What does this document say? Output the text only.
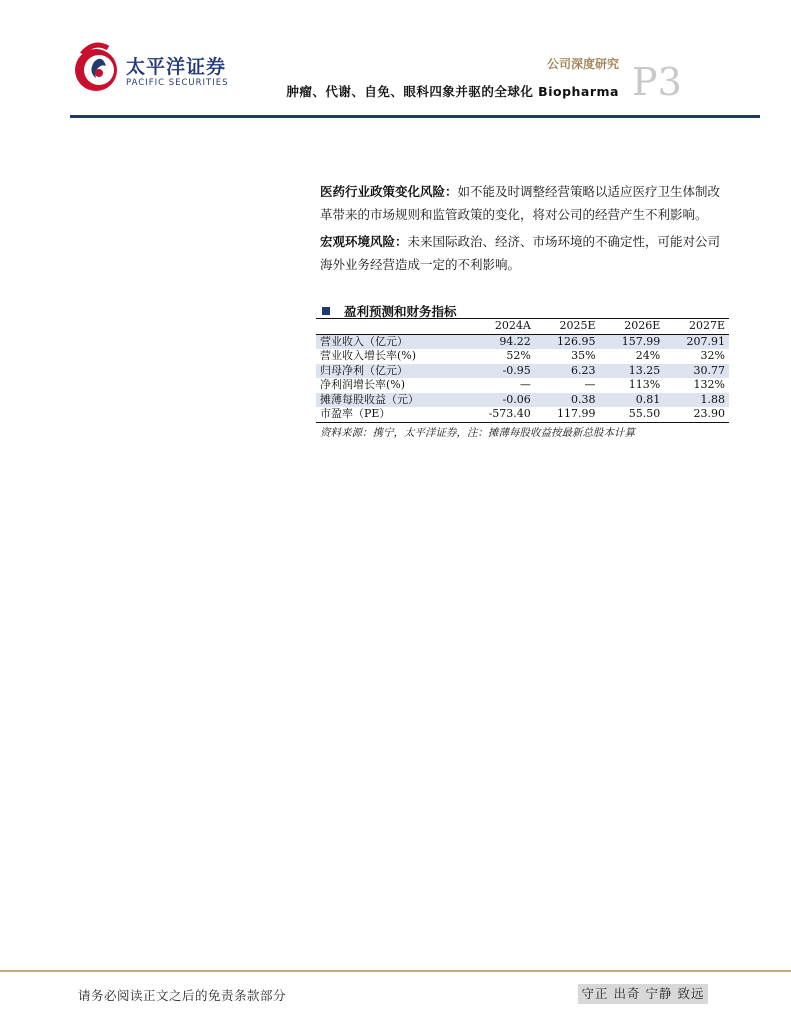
太平洋证券
PACIFIC SECURITIES
公司深度研究
肿瘤、代谢、自免、眼科四象并驱的全球化 Biopharma P3

医药行业政策变化风险：如不能及时调整经营策略以适应医疗卫生体制改革带来的市场规则和监管政策的变化，将对公司的经营产生不利影响。

宏观环境风险：未来国际政治、经济、市场环境的不确定性，可能对公司海外业务经营造成一定的不利影响。

盈利预测和财务指标
	2024A	2025E	2026E	2027E
营业收入（亿元）	94.22	126.95	157.99	207.91
营业收入增长率(%)	52%	35%	24%	32%
归母净利（亿元）	-0.95	6.23	13.25	30.77
净利润增长率(%)	—	—	113%	132%
摊薄每股收益（元）	-0.06	0.38	0.81	1.88
市盈率（PE）	-573.40	117.99	55.50	23.90
资料来源：携宁，太平洋证券，注：摊薄每股收益按最新总股本计算
请务必阅读正文之后的免责条款部分	守正 出奇 宁静 致远
